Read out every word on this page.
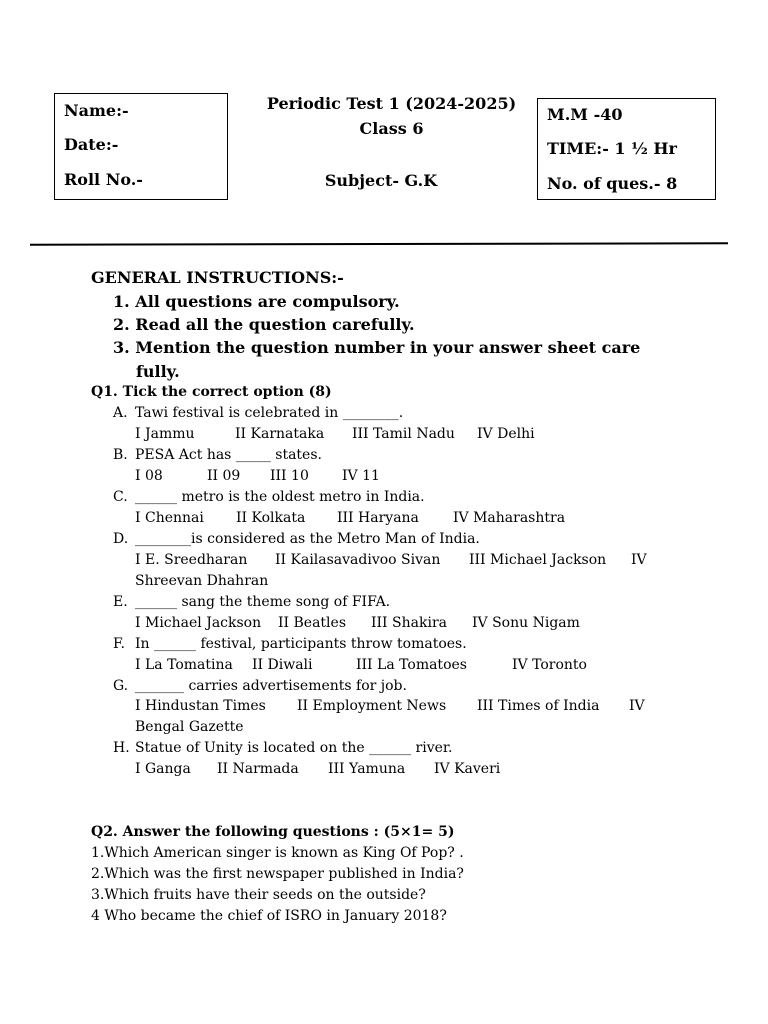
Name:-
Date:-
Roll No.-
Periodic Test 1 (2024-2025)
Class 6
Subject- G.K
M.M -40
TIME:- 1 ½ Hr
No. of ques.- 8
GENERAL INSTRUCTIONS:-
1. All questions are compulsory.
2. Read all the question carefully.
3. Mention the question number in your answer sheet care
fully.
Q1. Tick the correct option (8)
A. Tawi festival is celebrated in ________.
I Jammu	II Karnataka III Tamil Nadu IV Delhi
B. PESA Act has _____ states.
I 08	II 09 III 10 IV 11
C. ______ metro is the oldest metro in India.
I Chennai II Kolkata III Haryana IV Maharashtra
D. ________is considered as the Metro Man of India.
I E. Sreedharan II Kailasavadivoo Sivan III Michael Jackson IV
Shreevan Dhahran
E. ______ sang the theme song of FIFA.
I Michael Jackson II Beatles III Shakira IV Sonu Nigam
F. In ______ festival, participants throw tomatoes.
I La Tomatina II Diwali	III La Tomatoes	IV Toronto
G. _______ carries advertisements for job.
I Hindustan Times II Employment News III Times of India IV
Bengal Gazette
H. Statue of Unity is located on the ______ river.
I Ganga II Narmada III Yamuna IV Kaveri
Q2. Answer the following questions : (5×1= 5)
1.Which American singer is known as King Of Pop? .
2.Which was the first newspaper published in India?
3.Which fruits have their seeds on the outside?
4 Who became the chief of ISRO in January 2018?
